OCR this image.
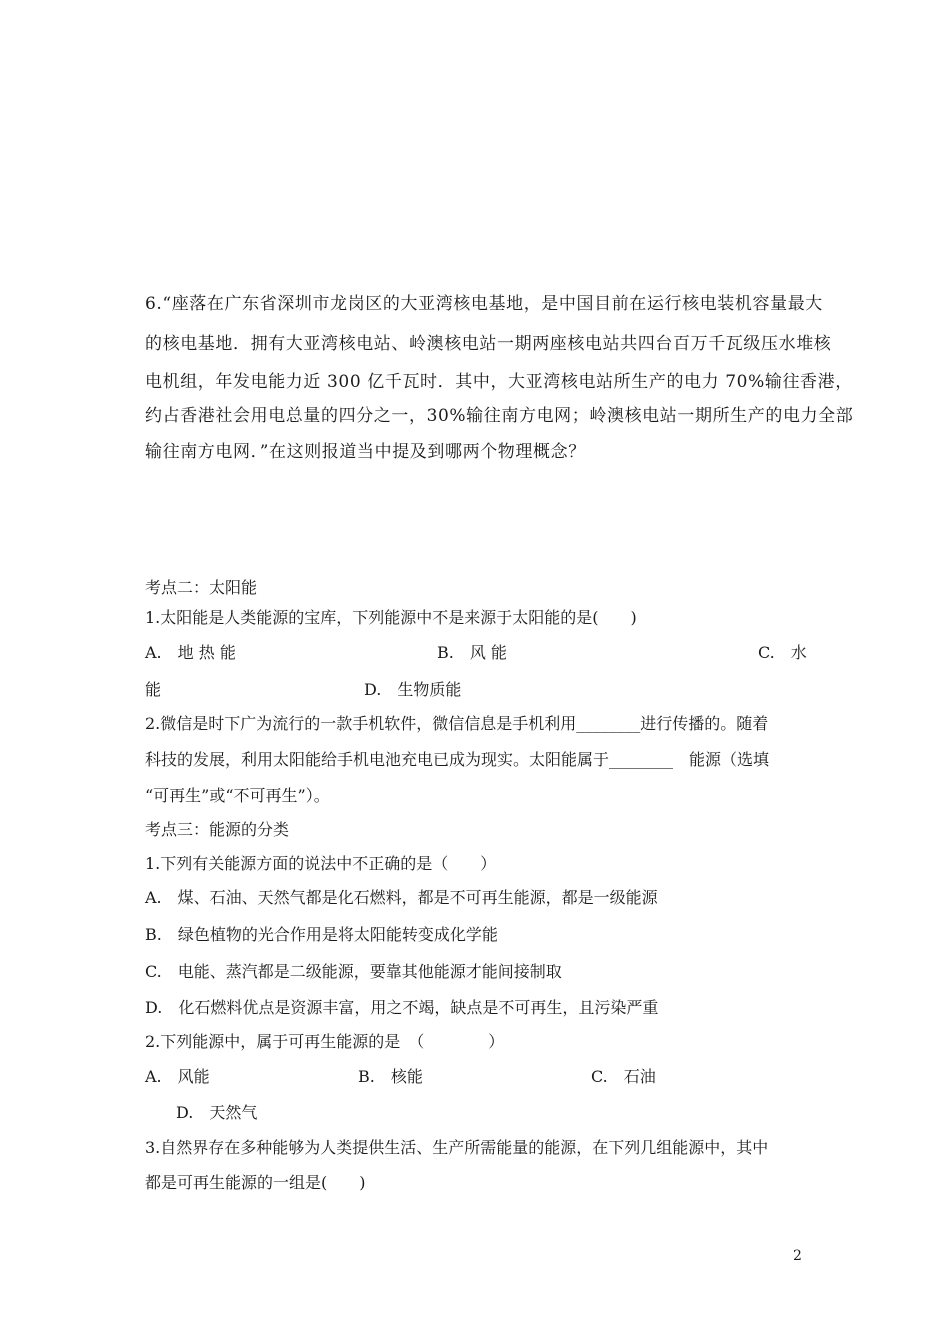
6.“座落在广东省深圳市龙岗区的大亚湾核电基地，是中国目前在运行核电装机容量最大
的核电基地．拥有大亚湾核电站、岭澳核电站一期两座核电站共四台百万千瓦级压水堆核
电机组，年发电能力近 300 亿千瓦时．其中，大亚湾核电站所生产的电力 70%输往香港，
约占香港社会用电总量的四分之一，30%输往南方电网；岭澳核电站一期所生产的电力全部
输往南方电网．”在这则报道当中提及到哪两个物理概念？
考点二：太阳能
1.太阳能是人类能源的宝库，下列能源中不是来源于太阳能的是(　　)
A.　地 热 能	B.　风 能	C.　水
能	D.　生物质能
2.微信是时下广为流行的一款手机软件，微信信息是手机利用________进行传播的。随着
科技的发展，利用太阳能给手机电池充电已成为现实。太阳能属于________　能源（选填
“可再生”或“不可再生”）。
考点三：能源的分类
1.下列有关能源方面的说法中不正确的是（　　）
A.　煤、石油、天然气都是化石燃料，都是不可再生能源，都是一级能源
B.　绿色植物的光合作用是将太阳能转变成化学能
C.　电能、蒸汽都是二级能源，要靠其他能源才能间接制取
D.　化石燃料优点是资源丰富，用之不竭，缺点是不可再生，且污染严重
2.下列能源中，属于可再生能源的是　（　　　　）
A.　风能	B.　核能	C.　石油
D.　天然气
3.自然界存在多种能够为人类提供生活、生产所需能量的能源，在下列几组能源中，其中
都是可再生能源的一组是(　　)
2
